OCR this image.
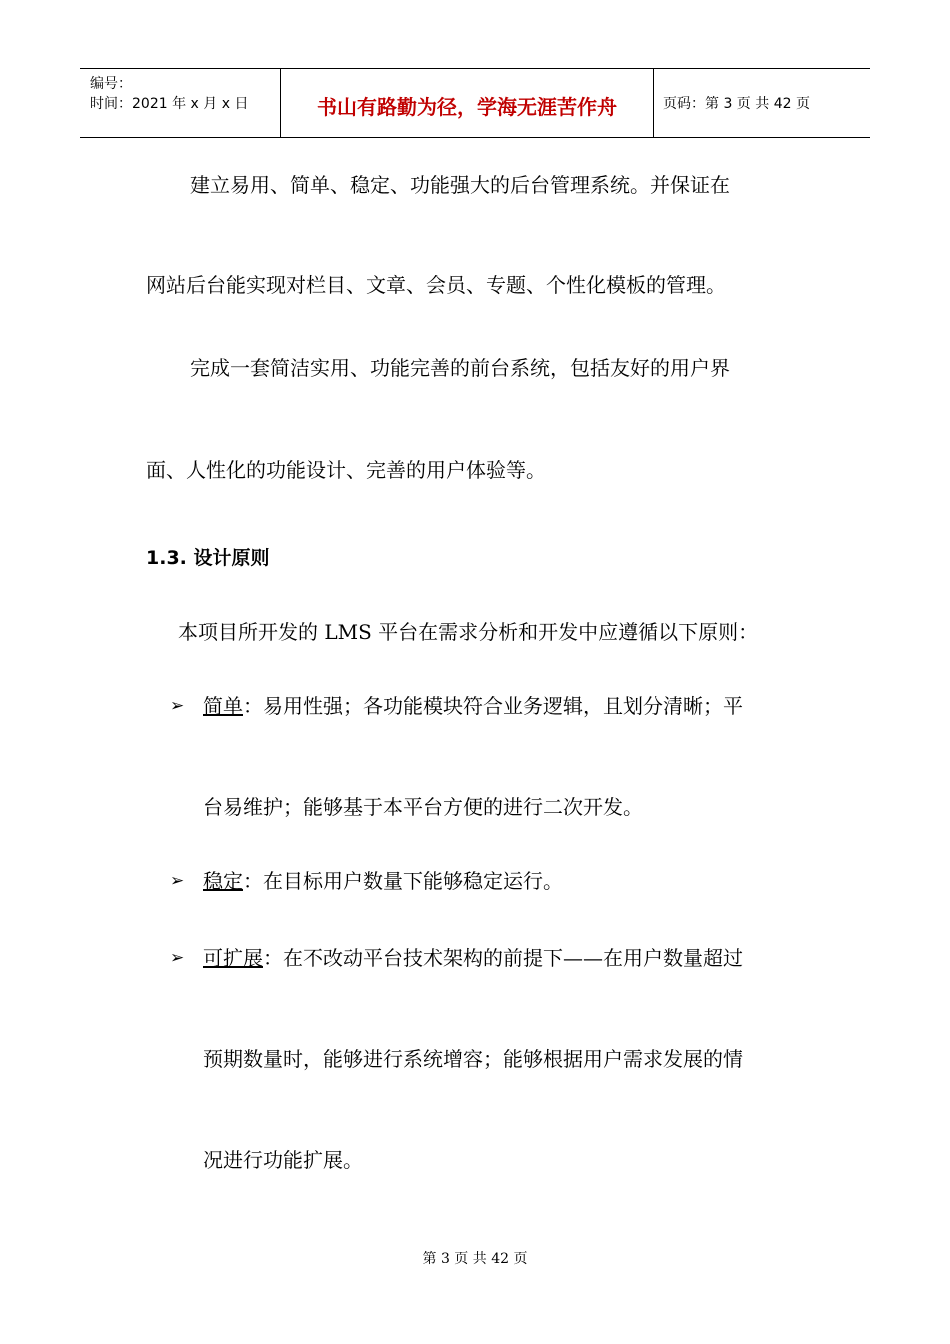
编号：
时间：2021 年 x 月 x 日	书山有路勤为径，学海无涯苦作舟	页码：第 3 页 共 42 页
建立易用、简单、稳定、功能强大的后台管理系统。并保证在
网站后台能实现对栏目、文章、会员、专题、个性化模板的管理。
完成一套简洁实用、功能完善的前台系统，包括友好的用户界
面、人性化的功能设计、完善的用户体验等。
1.3. 设计原则
本项目所开发的 LMS 平台在需求分析和开发中应遵循以下原则：
➢ 简单：易用性强；各功能模块符合业务逻辑，且划分清晰；平
台易维护；能够基于本平台方便的进行二次开发。
➢ 稳定：在目标用户数量下能够稳定运行。
➢ 可扩展：在不改动平台技术架构的前提下——在用户数量超过
预期数量时，能够进行系统增容；能够根据用户需求发展的情
况进行功能扩展。
第 3 页 共 42 页
